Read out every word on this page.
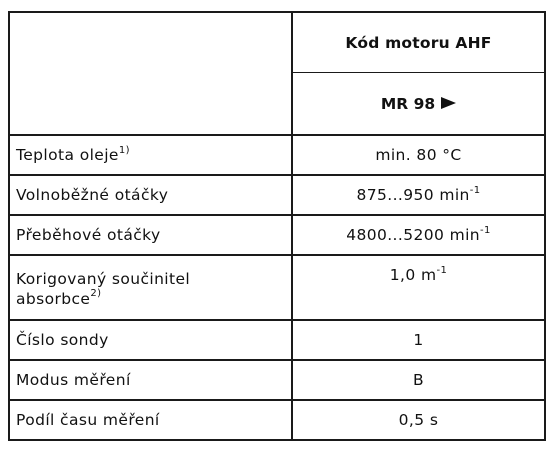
	Kód motoru AHF
	MR 98
Teplota oleje$^{1)}$	min. 80 °C
Volnoběžné otáčky	875...950 $\min^{-1}$
Přeběhové otáčky	4800...5200 $\min^{-1}$
Korigovaný součinitel
absorbce$^{2)}$	1,0 $m^{-1}$
Číslo sondy	1
Modus měření	B
Podíl času měření	0,5 s
